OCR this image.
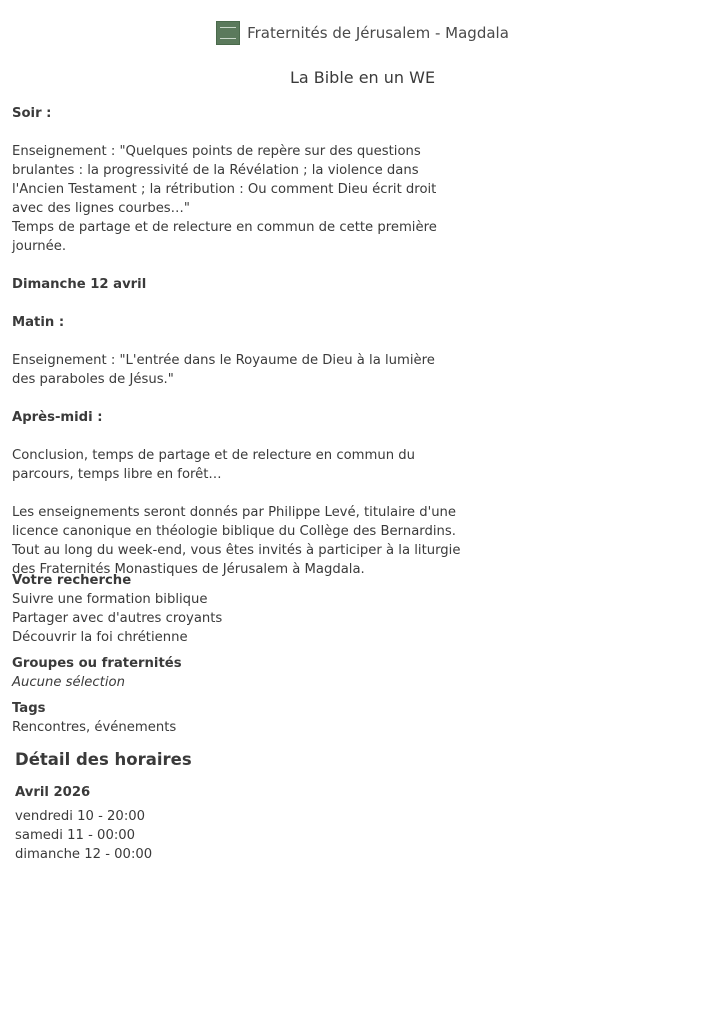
Fraternités de Jérusalem - Magdala
La Bible en un WE

Soir :

Enseignement : "Quelques points de repère sur des questions brulantes : la progressivité de la Révélation ; la violence dans l'Ancien Testament ; la rétribution : Ou comment Dieu écrit droit avec des lignes courbes…"

Temps de partage et de relecture en commun de cette première journée.

Dimanche 12 avril

Matin :

Enseignement : "L'entrée dans le Royaume de Dieu à la lumière des paraboles de Jésus."

Après-midi :

Conclusion, temps de partage et de relecture en commun du parcours, temps libre en forêt…

Les enseignements seront donnés par Philippe Levé, titulaire d'une licence canonique en théologie biblique du Collège des Bernardins.

Tout au long du week-end, vous êtes invités à participer à la liturgie des Fraternités Monastiques de Jérusalem à Magdala.

Votre recherche
Suivre une formation biblique
Partager avec d'autres croyants
Découvrir la foi chrétienne
Groupes ou fraternités
Aucune sélection
Tags
Rencontres, événements
Détail des horaires
Avril 2026
vendredi 10 - 20:00
samedi 11 - 00:00
dimanche 12 - 00:00
